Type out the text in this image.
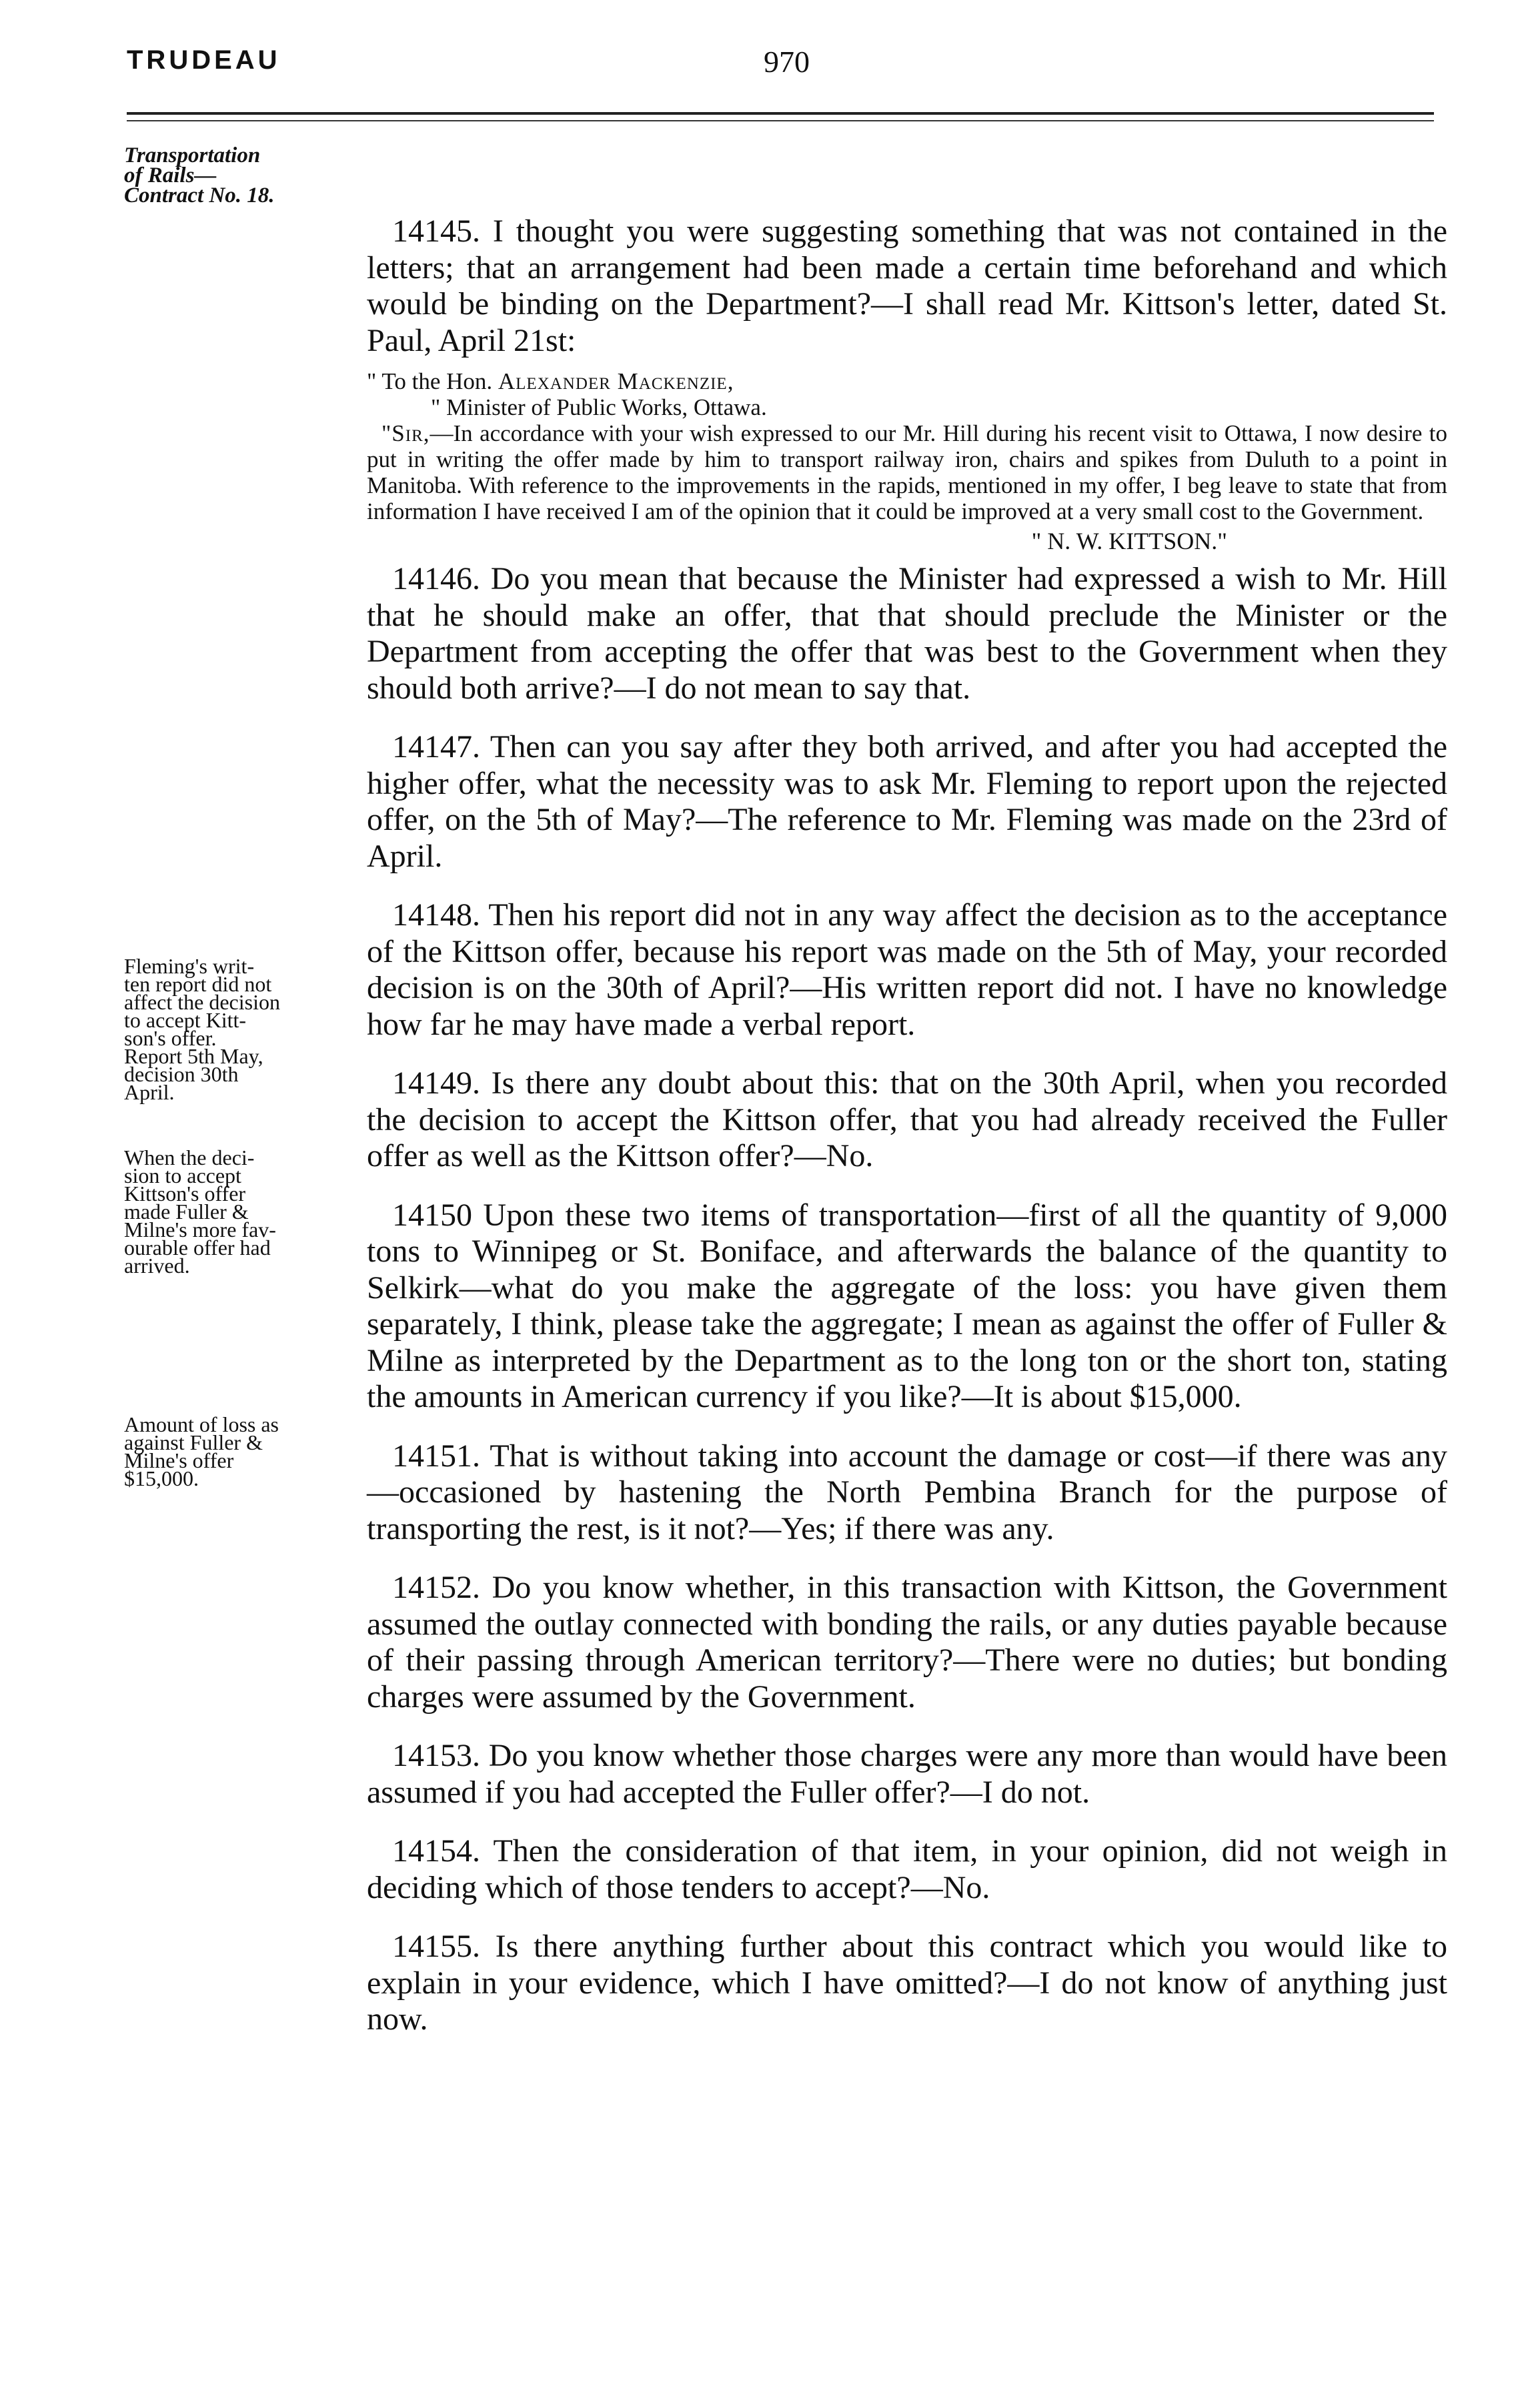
TRUDEAU	970
Transportation
of Rails—
Contract No. 18.
Fleming's writ-
ten report did not
affect the decision
to accept Kitt-
son's offer.
Report 5th May,
decision 30th
April.
When the deci-
sion to accept
Kittson's offer
made Fuller &
Milne's more fav-
ourable offer had
arrived.
Amount of loss as
against Fuller &
Milne's offer
$15,000.

14145. I thought you were suggesting something that was not contained in the letters; that an arrangement had been made a certain time beforehand and which would be binding on the Department?—I shall read Mr. Kittson's letter, dated St. Paul, April 21st:

" To the Hon. Alexander Mackenzie,
" Minister of Public Works, Ottawa.
"Sir,—In accordance with your wish expressed to our Mr. Hill during his recent visit to Ottawa, I now desire to put in writing the offer made by him to transport railway iron, chairs and spikes from Duluth to a point in Manitoba. With reference to the improvements in the rapids, mentioned in my offer, I beg leave to state that from information I have received I am of the opinion that it could be improved at a very small cost to the Government.
" N. W. KITTSON."

14146. Do you mean that because the Minister had expressed a wish to Mr. Hill that he should make an offer, that that should preclude the Minister or the Department from accepting the offer that was best to the Government when they should both arrive?—I do not mean to say that.

14147. Then can you say after they both arrived, and after you had accepted the higher offer, what the necessity was to ask Mr. Fleming to report upon the rejected offer, on the 5th of May?—The reference to Mr. Fleming was made on the 23rd of April.

14148. Then his report did not in any way affect the decision as to the acceptance of the Kittson offer, because his report was made on the 5th of May, your recorded decision is on the 30th of April?—His written report did not. I have no knowledge how far he may have made a verbal report.

14149. Is there any doubt about this: that on the 30th April, when you recorded the decision to accept the Kittson offer, that you had already received the Fuller offer as well as the Kittson offer?—No.

14150 Upon these two items of transportation—first of all the quantity of 9,000 tons to Winnipeg or St. Boniface, and afterwards the balance of the quantity to Selkirk—what do you make the aggregate of the loss: you have given them separately, I think, please take the aggregate; I mean as against the offer of Fuller & Milne as interpreted by the Department as to the long ton or the short ton, stating the amounts in American currency if you like?—It is about $15,000.

14151. That is without taking into account the damage or cost—if there was any—occasioned by hastening the North Pembina Branch for the purpose of transporting the rest, is it not?—Yes; if there was any.

14152. Do you know whether, in this transaction with Kittson, the Government assumed the outlay connected with bonding the rails, or any duties payable because of their passing through American territory?—There were no duties; but bonding charges were assumed by the Government.

14153. Do you know whether those charges were any more than would have been assumed if you had accepted the Fuller offer?—I do not.

14154. Then the consideration of that item, in your opinion, did not weigh in deciding which of those tenders to accept?—No.

14155. Is there anything further about this contract which you would like to explain in your evidence, which I have omitted?—I do not know of anything just now.
